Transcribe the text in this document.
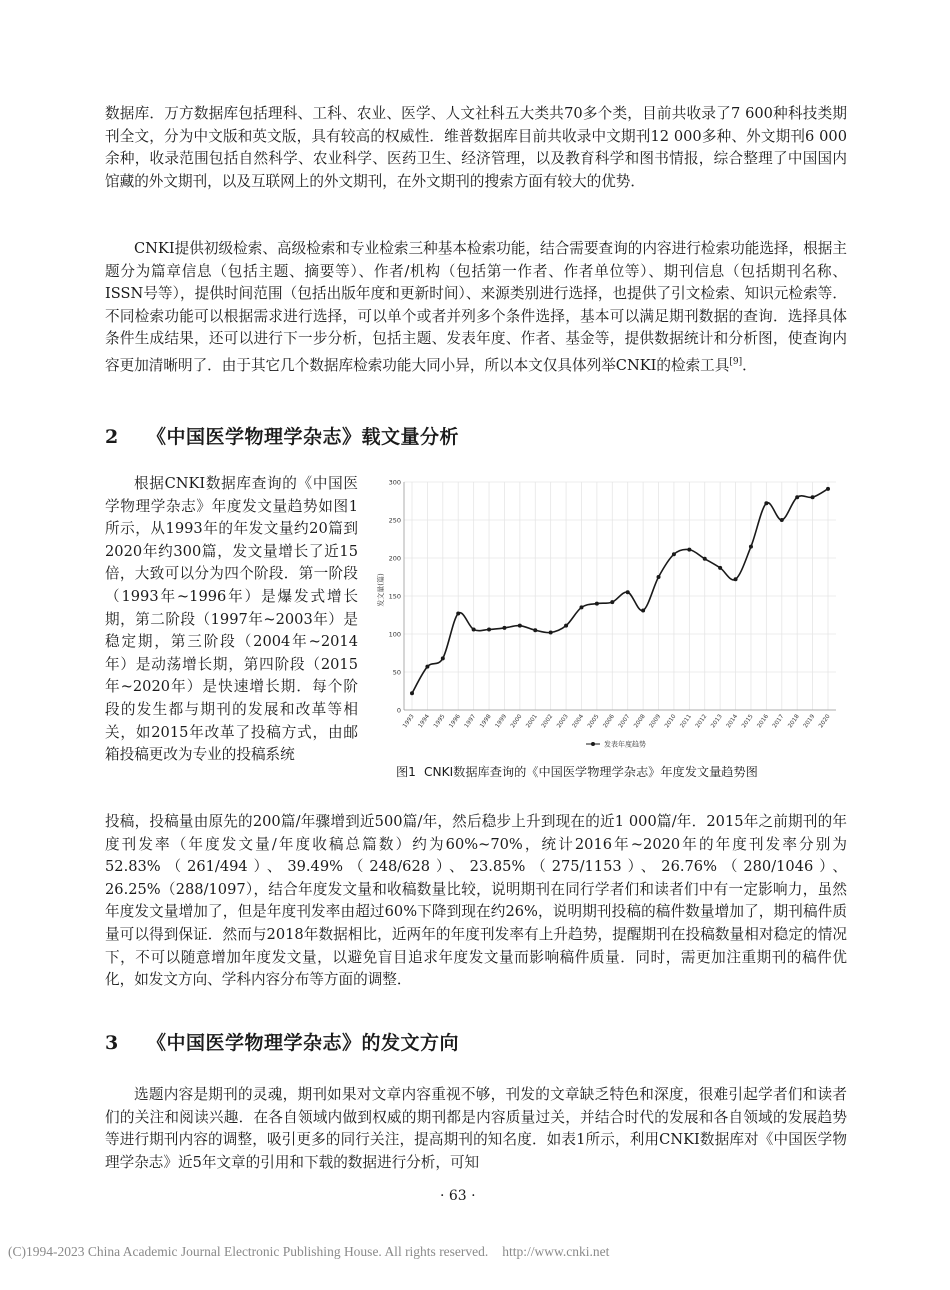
数据库．万方数据库包括理科、工科、农业、医学、人文社科五大类共70多个类，目前共收录了7 600种科技类期刊全文，分为中文版和英文版，具有较高的权威性．维普数据库目前共收录中文期刊12 000多种、外文期刊6 000余种，收录范围包括自然科学、农业科学、医药卫生、经济管理，以及教育科学和图书情报，综合整理了中国国内馆藏的外文期刊，以及互联网上的外文期刊，在外文期刊的搜索方面有较大的优势．

CNKI提供初级检索、高级检索和专业检索三种基本检索功能，结合需要查询的内容进行检索功能选择，根据主题分为篇章信息（包括主题、摘要等）、作者/机构（包括第一作者、作者单位等）、期刊信息（包括期刊名称、ISSN号等），提供时间范围（包括出版年度和更新时间）、来源类别进行选择，也提供了引文检索、知识元检索等．不同检索功能可以根据需求进行选择，可以单个或者并列多个条件选择，基本可以满足期刊数据的查询．选择具体条件生成结果，还可以进行下一步分析，包括主题、发表年度、作者、基金等，提供数据统计和分析图，使查询内容更加清晰明了．由于其它几个数据库检索功能大同小异，所以本文仅具体列举CNKI的检索工具[9]．

2 《中国医学物理学杂志》载文量分析

根据CNKI数据库查询的《中国医学物理学杂志》年度发文量趋势如图1所示，从1993年的年发文量约20篇到2020年约300篇，发文量增长了近15倍，大致可以分为四个阶段．第一阶段（1993年~1996年）是爆发式增长期，第二阶段（1997年~2003年）是稳定期，第三阶段（2004年~2014年）是动荡增长期，第四阶段（2015年~2020年）是快速增长期．每个阶段的发生都与期刊的发展和改革等相关，如2015年改革了投稿方式，由邮箱投稿更改为专业的投稿系统

0
50
100
150
200
250
300
1993 1994 1995 1996 1997 1998 1999 2000 2001 2002 2003 2004 2005 2006 2007 2008 2009 2010 2011 2012 2013 2014 2015 2016 2017 2018 2019 2020
发文量(篇)
发表年度趋势
图1 CNKI数据库查询的《中国医学物理学杂志》年度发文量趋势图

投稿，投稿量由原先的200篇/年骤增到近500篇/年，然后稳步上升到现在的近1 000篇/年．2015年之前期刊的年度刊发率（年度发文量/年度收稿总篇数）约为60%~70%，统计2016年~2020年的年度刊发率分别为52.83%（261/494）、39.49%（248/628）、23.85%（275/1153）、26.76%（280/1046）、26.25%（288/1097），结合年度发文量和收稿数量比较，说明期刊在同行学者们和读者们中有一定影响力，虽然年度发文量增加了，但是年度刊发率由超过60%下降到现在约26%，说明期刊投稿的稿件数量增加了，期刊稿件质量可以得到保证．然而与2018年数据相比，近两年的年度刊发率有上升趋势，提醒期刊在投稿数量相对稳定的情况下，不可以随意增加年度发文量，以避免盲目追求年度发文量而影响稿件质量．同时，需更加注重期刊的稿件优化，如发文方向、学科内容分布等方面的调整．

3 《中国医学物理学杂志》的发文方向

选题内容是期刊的灵魂，期刊如果对文章内容重视不够，刊发的文章缺乏特色和深度，很难引起学者们和读者们的关注和阅读兴趣．在各自领域内做到权威的期刊都是内容质量过关，并结合时代的发展和各自领域的发展趋势等进行期刊内容的调整，吸引更多的同行关注，提高期刊的知名度．如表1所示，利用CNKI数据库对《中国医学物理学杂志》近5年文章的引用和下载的数据进行分析，可知

· 63 ·
(C)1994-2023 China Academic Journal Electronic Publishing House. All rights reserved. http://www.cnki.net
